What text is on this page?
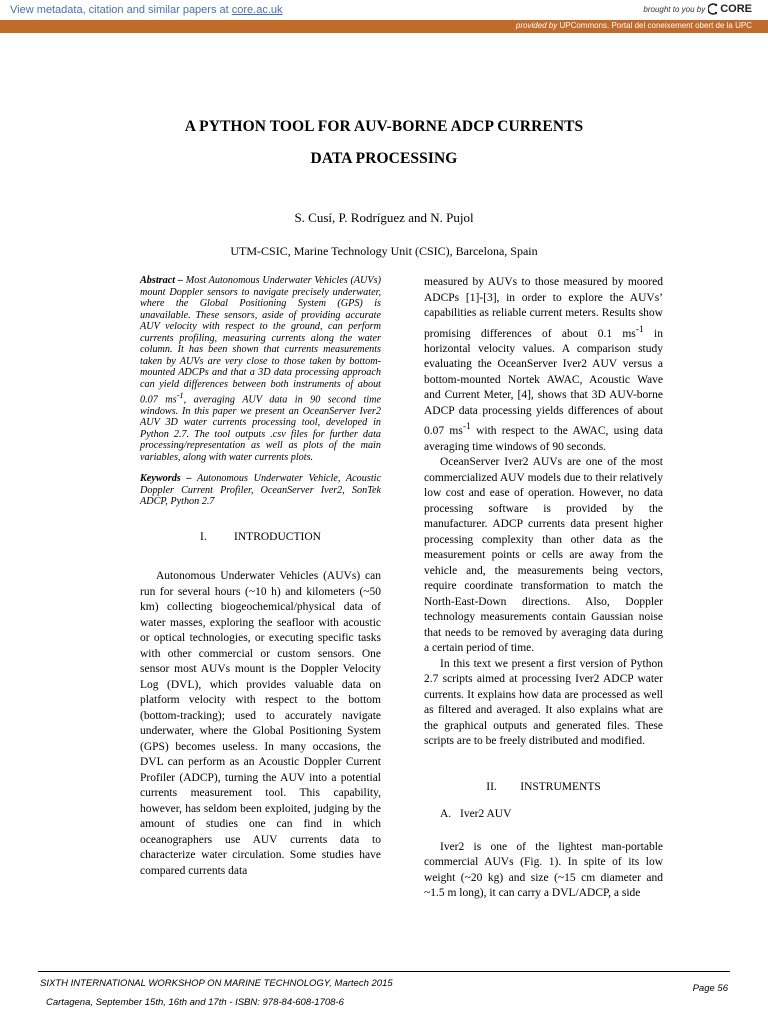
View metadata, citation and similar papers at core.ac.uk	brought to you by CORE
provided by UPCommons. Portal del coneixement obert de la UPC
A PYTHON TOOL FOR AUV-BORNE ADCP CURRENTS
DATA PROCESSING
S. Cusí, P. Rodríguez and N. Pujol
UTM-CSIC, Marine Technology Unit (CSIC), Barcelona, Spain

Abstract – Most Autonomous Underwater Vehicles (AUVs) mount Doppler sensors to navigate precisely underwater, where the Global Positioning System (GPS) is unavailable. These sensors, aside of providing accurate AUV velocity with respect to the ground, can perform currents profiling, measuring currents along the water column. It has been shown that currents measurements taken by AUVs are very close to those taken by bottom-mounted ADCPs and that a 3D data processing approach can yield differences between both instruments of about 0.07 $ms^{-1}$, averaging AUV data in 90 second time windows. In this paper we present an OceanServer Iver2 AUV 3D water currents processing tool, developed in Python 2.7. The tool outputs .csv files for further data processing/representation as well as plots of the main variables, along with water currents plots.

Keywords – Autonomous Underwater Vehicle, Acoustic Doppler Current Profiler, OceanServer Iver2, SonTek ADCP, Python 2.7

I. INTRODUCTION

Autonomous Underwater Vehicles (AUVs) can run for several hours (~10 h) and kilometers (~50 km) collecting biogeochemical/physical data of water masses, exploring the seafloor with acoustic or optical technologies, or executing specific tasks with other commercial or custom sensors. One sensor most AUVs mount is the Doppler Velocity Log (DVL), which provides valuable data on platform velocity with respect to the bottom (bottom-tracking); used to accurately navigate underwater, where the Global Positioning System (GPS) becomes useless. In many occasions, the DVL can perform as an Acoustic Doppler Current Profiler (ADCP), turning the AUV into a potential currents measurement tool. This capability, however, has seldom been exploited, judging by the amount of studies one can find in which oceanographers use AUV currents data to characterize water circulation. Some studies have compared currents data

measured by AUVs to those measured by moored ADCPs [1]-[3], in order to explore the AUVs’ capabilities as reliable current meters. Results show promising differences of about 0.1 $ms^{-1}$ in horizontal velocity values. A comparison study evaluating the OceanServer Iver2 AUV versus a bottom-mounted Nortek AWAC, Acoustic Wave and Current Meter, [4], shows that 3D AUV-borne ADCP data processing yields differences of about 0.07 $ms^{-1}$ with respect to the AWAC, using data averaging time windows of 90 seconds.

OceanServer Iver2 AUVs are one of the most commercialized AUV models due to their relatively low cost and ease of operation. However, no data processing software is provided by the manufacturer. ADCP currents data present higher processing complexity than other data as the measurement points or cells are away from the vehicle and, the measurements being vectors, require coordinate transformation to match the North-East-Down directions. Also, Doppler technology measurements contain Gaussian noise that needs to be removed by averaging data during a certain period of time.

In this text we present a first version of Python 2.7 scripts aimed at processing Iver2 ADCP water currents. It explains how data are processed as well as filtered and averaged. It also explains what are the graphical outputs and generated files. These scripts are to be freely distributed and modified.

II. INSTRUMENTS
A. Iver2 AUV

Iver2 is one of the lightest man-portable commercial AUVs (Fig. 1). In spite of its low weight (~20 kg) and size (~15 cm diameter and ~1.5 m long), it can carry a DVL/ADCP, a side

SIXTH INTERNATIONAL WORKSHOP ON MARINE TECHNOLOGY, Martech 2015
Cartagena, September 15th, 16th and 17th - ISBN: 978-84-608-1708-6
Page 56
